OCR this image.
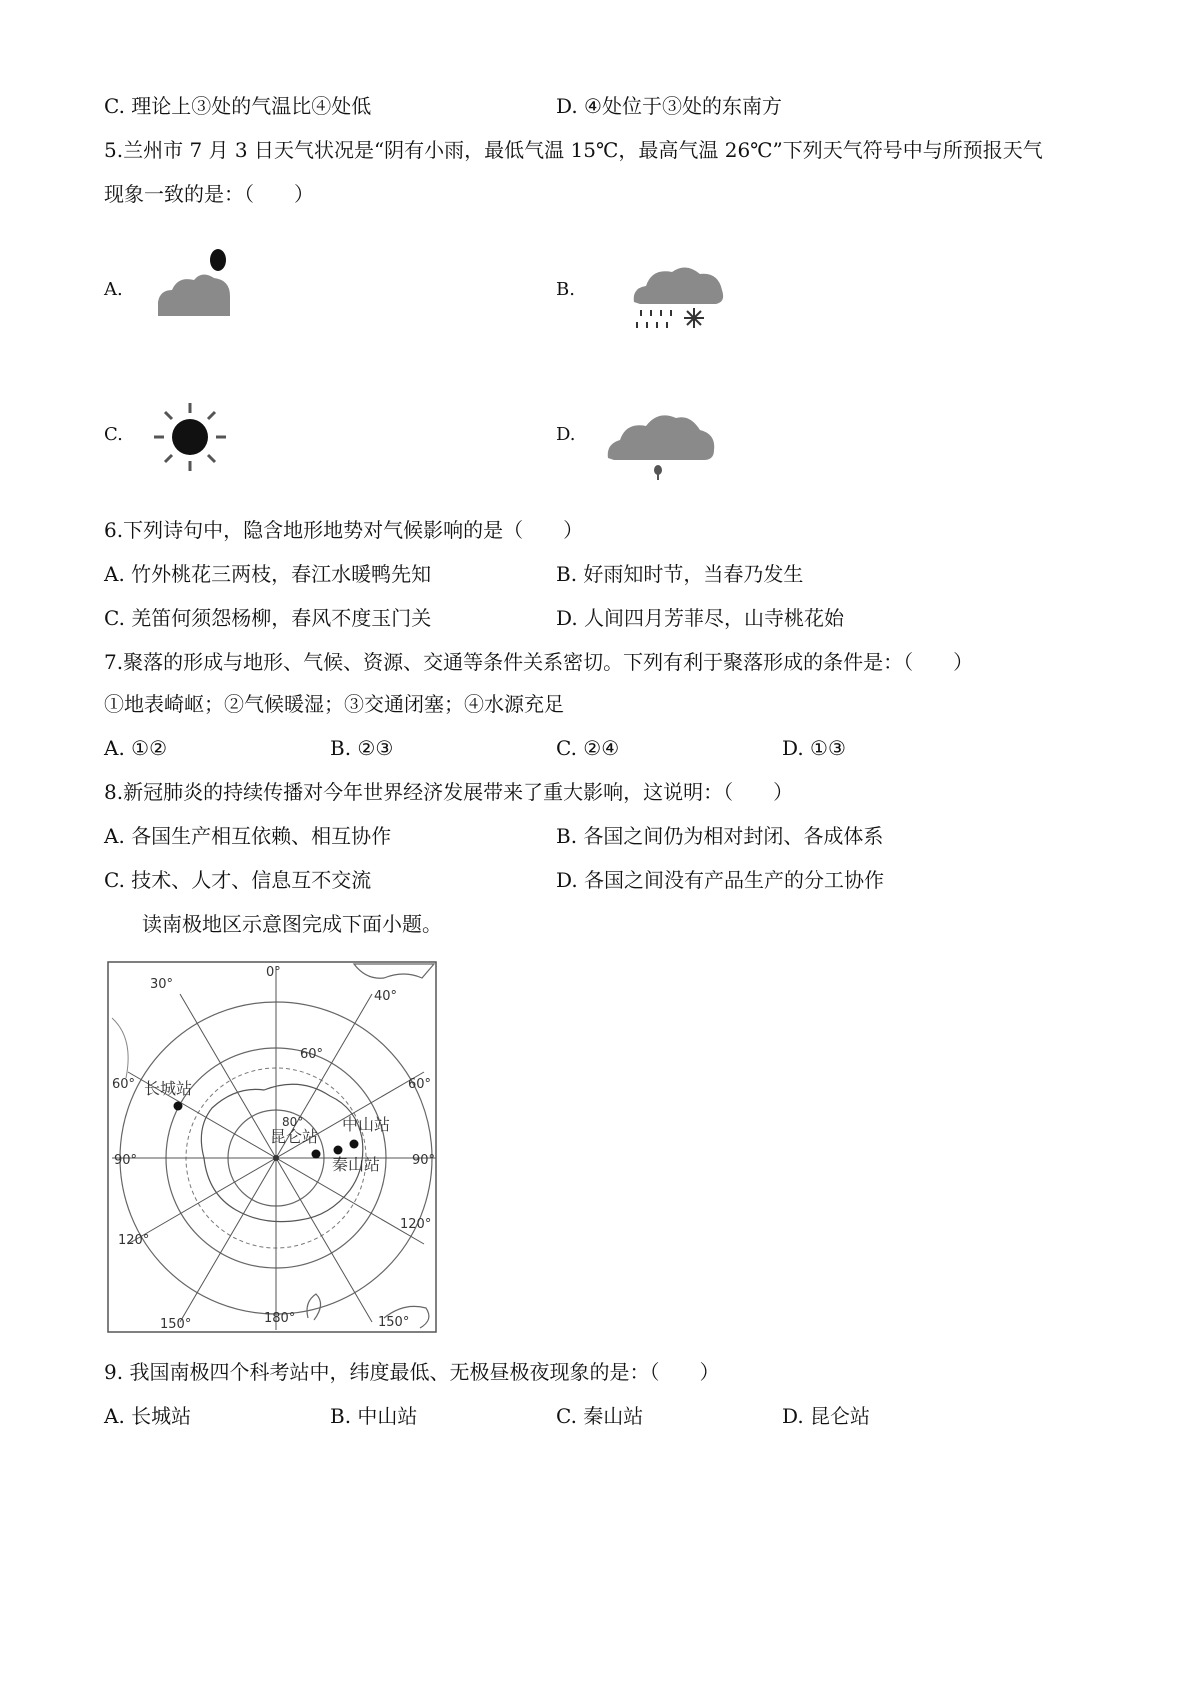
C. 理论上③处的气温比④处低	D. ④处位于③处的东南方
5.兰州市 7 月 3 日天气状况是“阴有小雨，最低气温 15℃，最高气温 26℃”下列天气符号中与所预报天气
现象一致的是：（　　）
A.	B.
C.	D.
6.下列诗句中，隐含地形地势对气候影响的是（　　）
A. 竹外桃花三两枝，春江水暖鸭先知	B. 好雨知时节，当春乃发生
C. 羌笛何须怨杨柳，春风不度玉门关	D. 人间四月芳菲尽，山寺桃花始
7.聚落的形成与地形、气候、资源、交通等条件关系密切。下列有利于聚落形成的条件是：（　　）
①地表崎岖；②气候暖湿；③交通闭塞；④水源充足
A. ①②	B. ②③	C. ②④	D. ①③
8.新冠肺炎的持续传播对今年世界经济发展带来了重大影响，这说明：（　　）
A. 各国生产相互依赖、相互协作	B. 各国之间仍为相对封闭、各成体系
C. 技术、人才、信息互不交流	D. 各国之间没有产品生产的分工协作
读南极地区示意图完成下面小题。
0°
30°
40°
60°	60°
90°	90°
120°
120°
150°	150°
180°
60°
80°
长城站
昆仑站
中山站
秦山站
9. 我国南极四个科考站中，纬度最低、无极昼极夜现象的是：（　　）
A. 长城站	B. 中山站	C. 秦山站	D. 昆仑站
